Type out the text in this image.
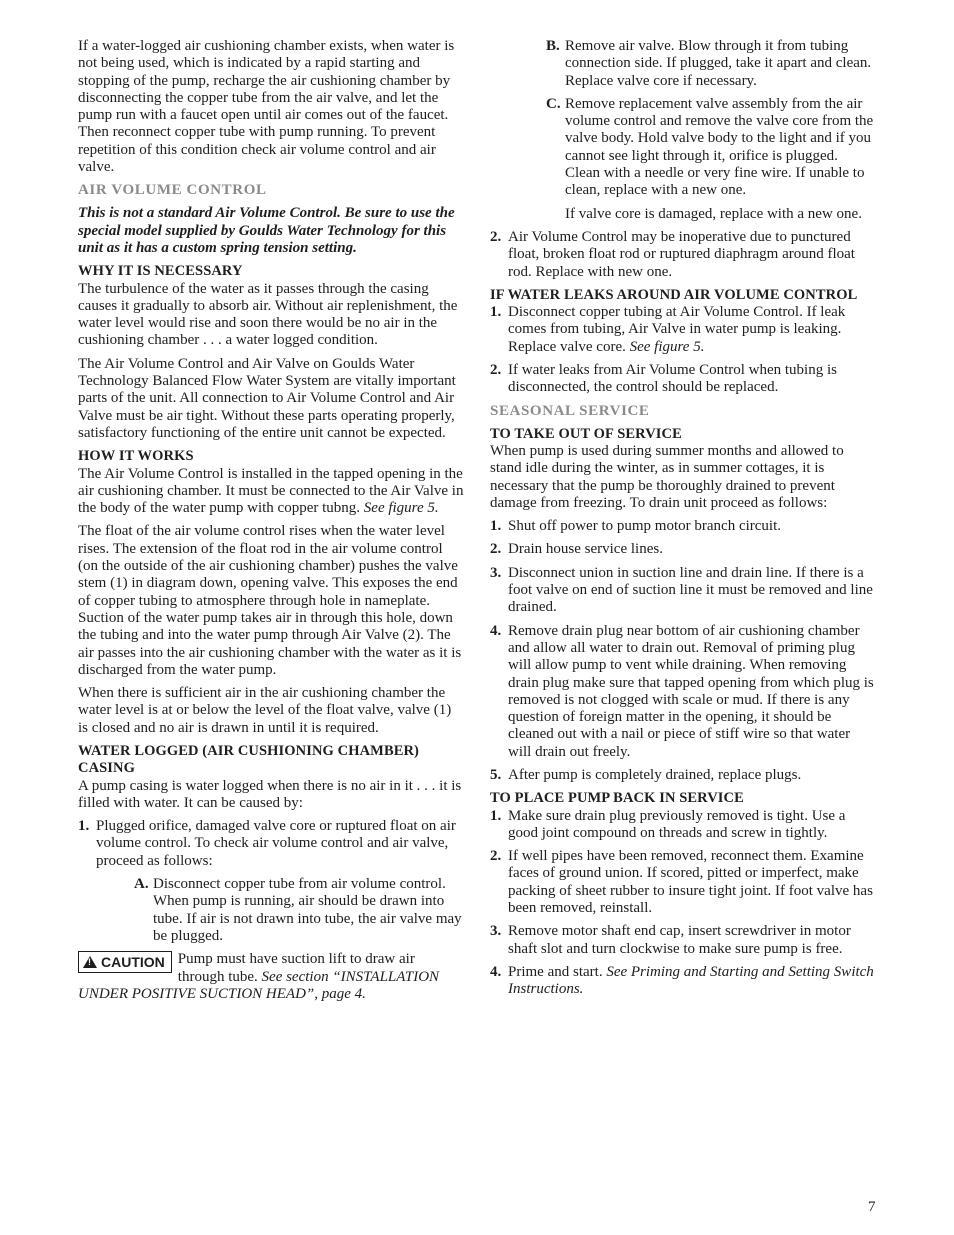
If a water-logged air cushioning chamber exists, when water is not being used, which is indicated by a rapid starting and stopping of the pump, recharge the air cushioning chamber by disconnecting the copper tube from the air valve, and let the pump run with a faucet open until air comes out of the faucet. Then reconnect copper tube with pump running. To prevent repetition of this condition check air volume control and air valve.

AIR VOLUME CONTROL

This is not a standard Air Volume Control. Be sure to use the special model supplied by Goulds Water Technology for this unit as it has a custom spring tension setting.

WHY IT IS NECESSARY

The turbulence of the water as it passes through the casing causes it gradually to absorb air. Without air replenishment, the water level would rise and soon there would be no air in the cushioning chamber . . . a water logged condition.

The Air Volume Control and Air Valve on Goulds Water Technology Balanced Flow Water System are vitally important parts of the unit. All connection to Air Volume Control and Air Valve must be air tight. Without these parts operating properly, satisfactory functioning of the entire unit cannot be expected.

HOW IT WORKS

The Air Volume Control is installed in the tapped opening in the air cushioning chamber. It must be connected to the Air Valve in the body of the water pump with copper tubng. See figure 5.

The float of the air volume control rises when the water level rises. The extension of the float rod in the air volume control (on the outside of the air cushioning chamber) pushes the valve stem (1) in diagram down, opening valve. This exposes the end of copper tubing to atmosphere through hole in nameplate. Suction of the water pump takes air in through this hole, down the tubing and into the water pump through Air Valve (2). The air passes into the air cushioning chamber with the water as it is discharged from the water pump.

When there is sufficient air in the air cushioning chamber the water level is at or below the level of the float valve, valve (1) is closed and no air is drawn in until it is required.

WATER LOGGED (AIR CUSHIONING CHAMBER) CASING

A pump casing is water logged when there is no air in it . . . it is filled with water. It can be caused by:

1. Plugged orifice, damaged valve core or ruptured float on air volume control. To check air volume control and air valve, proceed as follows:
A. Disconnect copper tube from air volume control. When pump is running, air should be drawn into tube. If air is not drawn into tube, the air valve may be plugged.
!CAUTION Pump must have suction lift to draw air through tube. See section “INSTALLATION UNDER POSITIVE SUCTION HEAD”, page 4.
B. Remove air valve. Blow through it from tubing connection side. If plugged, take it apart and clean. Replace valve core if necessary.
C. Remove replacement valve assembly from the air volume control and remove the valve core from the valve body. Hold valve body to the light and if you cannot see light through it, orifice is plugged. Clean with a needle or very fine wire. If unable to clean, replace with a new one.

If valve core is damaged, replace with a new one.

2. Air Volume Control may be inoperative due to punctured float, broken float rod or ruptured diaphragm around float rod. Replace with new one.
IF WATER LEAKS AROUND AIR VOLUME CONTROL
1. Disconnect copper tubing at Air Volume Control. If leak comes from tubing, Air Valve in water pump is leaking. Replace valve core. See figure 5.
2. If water leaks from Air Volume Control when tubing is disconnected, the control should be replaced.
SEASONAL SERVICE
TO TAKE OUT OF SERVICE

When pump is used during summer months and allowed to stand idle during the winter, as in summer cottages, it is necessary that the pump be thoroughly drained to prevent damage from freezing. To drain unit proceed as follows:

1. Shut off power to pump motor branch circuit.
2. Drain house service lines.
3. Disconnect union in suction line and drain line. If there is a foot valve on end of suction line it must be removed and line drained.
4. Remove drain plug near bottom of air cushioning chamber and allow all water to drain out. Removal of priming plug will allow pump to vent while draining. When removing drain plug make sure that tapped opening from which plug is removed is not clogged with scale or mud. If there is any question of foreign matter in the opening, it should be cleaned out with a nail or piece of stiff wire so that water will drain out freely.
5. After pump is completely drained, replace plugs.
TO PLACE PUMP BACK IN SERVICE
1. Make sure drain plug previously removed is tight. Use a good joint compound on threads and screw in tightly.
2. If well pipes have been removed, reconnect them. Examine faces of ground union. If scored, pitted or imperfect, make packing of sheet rubber to insure tight joint. If foot valve has been removed, reinstall.
3. Remove motor shaft end cap, insert screwdriver in motor shaft slot and turn clockwise to make sure pump is free.
4. Prime and start. See Priming and Starting and Setting Switch Instructions.
7
